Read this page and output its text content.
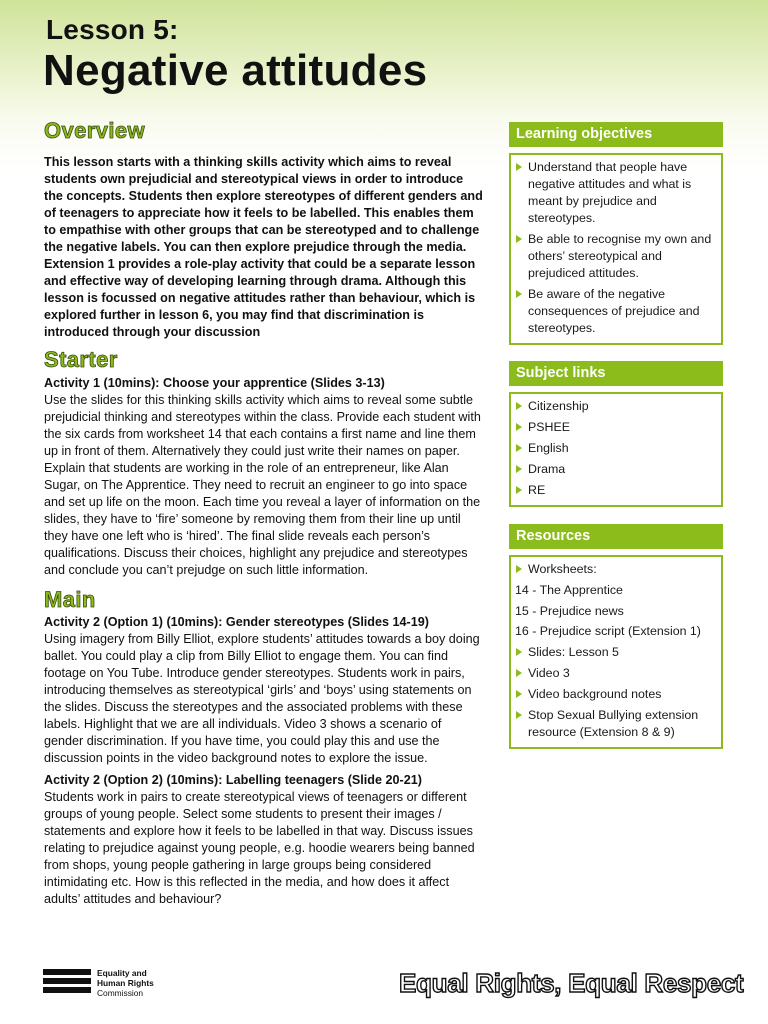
Lesson 5:
Negative attitudes
Overview

This lesson starts with a thinking skills activity which aims to reveal students own prejudicial and stereotypical views in order to introduce the concepts. Students then explore stereotypes of different genders and of teenagers to appreciate how it feels to be labelled. This enables them to empathise with other groups that can be stereotyped and to challenge the negative labels. You can then explore prejudice through the media. Extension 1 provides a role-play activity that could be a separate lesson and effective way of developing learning through drama. Although this lesson is focussed on negative attitudes rather than behaviour, which is explored further in lesson 6, you may find that discrimination is introduced through your discussion

Starter

Activity 1 (10mins): Choose your apprentice (Slides 3-13)

Use the slides for this thinking skills activity which aims to reveal some subtle prejudicial thinking and stereotypes within the class. Provide each student with the six cards from worksheet 14 that each contains a first name and line them up in front of them. Alternatively they could just write their names on paper. Explain that students are working in the role of an entrepreneur, like Alan Sugar, on The Apprentice. They need to recruit an engineer to go into space and set up life on the moon. Each time you reveal a layer of information on the slides, they have to ‘fire’ someone by removing them from their line up until they have one left who is ‘hired’. The final slide reveals each person’s qualifications. Discuss their choices, highlight any prejudice and stereotypes and conclude you can’t prejudge on such little information.

Main

Activity 2 (Option 1) (10mins): Gender stereotypes (Slides 14-19)

Using imagery from Billy Elliot, explore students’ attitudes towards a boy doing ballet. You could play a clip from Billy Elliot to engage them. You can find footage on You Tube. Introduce gender stereotypes. Students work in pairs, introducing themselves as stereotypical ‘girls’ and ‘boys’ using statements on the slides. Discuss the stereotypes and the associated problems with these labels. Highlight that we are all individuals. Video 3 shows a scenario of gender discrimination. If you have time, you could play this and use the discussion points in the video background notes to explore the issue.

Activity 2 (Option 2) (10mins): Labelling teenagers (Slide 20-21)

Students work in pairs to create stereotypical views of teenagers or different groups of young people. Select some students to present their images / statements and explore how it feels to be labelled in that way. Discuss issues relating to prejudice against young people, e.g. hoodie wearers being banned from shops, young people gathering in large groups being considered intimidating etc. How is this reflected in the media, and how does it affect adults’ attitudes and behaviour?

Learning objectives
Understand that people have negative attitudes and what is meant by prejudice and stereotypes.
Be able to recognise my own and others’ stereotypical and prejudiced attitudes.
Be aware of the negative consequences of prejudice and stereotypes.
Subject links
Citizenship
PSHEE
English
Drama
RE
Resources
Worksheets:
14 - The Apprentice
15 - Prejudice news
16 - Prejudice script (Extension 1)
Slides: Lesson 5
Video 3
Video background notes
Stop Sexual Bullying extension resource (Extension 8 & 9)
Equality and
Human Rights
Commission	Equal Rights, Equal Respect
